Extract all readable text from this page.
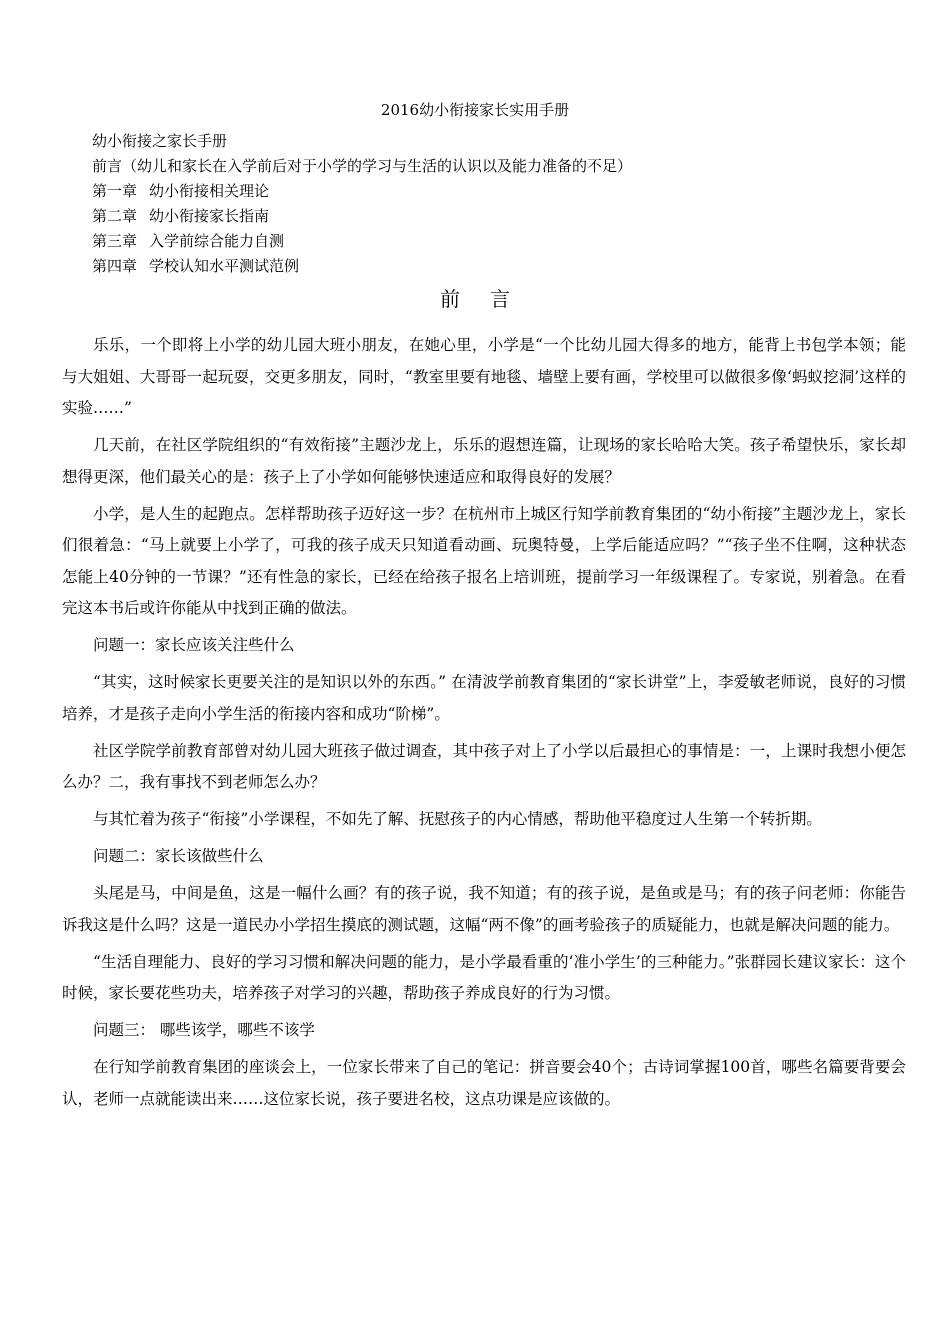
2016幼小衔接家长实用手册
幼小衔接之家长手册
前言（幼儿和家长在入学前后对于小学的学习与生活的认识以及能力准备的不足）
第一章 幼小衔接相关理论
第二章 幼小衔接家长指南
第三章 入学前综合能力自测
第四章 学校认知水平测试范例
前言

乐乐，一个即将上小学的幼儿园大班小朋友，在她心里，小学是“一个比幼儿园大得多的地方，能背上书包学本领；能与大姐姐、大哥哥一起玩耍，交更多朋友，同时，“教室里要有地毯、墙壁上要有画，学校里可以做很多像‘蚂蚁挖洞’这样的实验……”

几天前，在社区学院组织的“有效衔接”主题沙龙上，乐乐的遐想连篇，让现场的家长哈哈大笑。孩子希望快乐，家长却想得更深，他们最关心的是：孩子上了小学如何能够快速适应和取得良好的发展？

小学，是人生的起跑点。怎样帮助孩子迈好这一步？在杭州市上城区行知学前教育集团的“幼小衔接”主题沙龙上，家长们很着急：“马上就要上小学了，可我的孩子成天只知道看动画、玩奥特曼，上学后能适应吗？”“孩子坐不住啊，这种状态怎能上40分钟的一节课？”还有性急的家长，已经在给孩子报名上培训班，提前学习一年级课程了。专家说，别着急。在看完这本书后或许你能从中找到正确的做法。

问题一：家长应该关注些什么

“其实，这时候家长更要关注的是知识以外的东西。” 在清波学前教育集团的“家长讲堂”上，李爱敏老师说，良好的习惯培养，才是孩子走向小学生活的衔接内容和成功“阶梯”。

社区学院学前教育部曾对幼儿园大班孩子做过调查，其中孩子对上了小学以后最担心的事情是：一，上课时我想小便怎么办？二，我有事找不到老师怎么办？

与其忙着为孩子“衔接”小学课程，不如先了解、抚慰孩子的内心情感，帮助他平稳度过人生第一个转折期。

问题二：家长该做些什么

头尾是马，中间是鱼，这是一幅什么画？有的孩子说，我不知道；有的孩子说，是鱼或是马；有的孩子问老师：你能告诉我这是什么吗？这是一道民办小学招生摸底的测试题，这幅“两不像”的画考验孩子的质疑能力，也就是解决问题的能力。

“生活自理能力、良好的学习习惯和解决问题的能力，是小学最看重的‘准小学生’的三种能力。”张群园长建议家长：这个时候，家长要花些功夫，培养孩子对学习的兴趣，帮助孩子养成良好的行为习惯。

问题三： 哪些该学，哪些不该学

在行知学前教育集团的座谈会上，一位家长带来了自己的笔记：拼音要会40个；古诗词掌握100首，哪些名篇要背要会认，老师一点就能读出来……这位家长说，孩子要进名校，这点功课是应该做的。
